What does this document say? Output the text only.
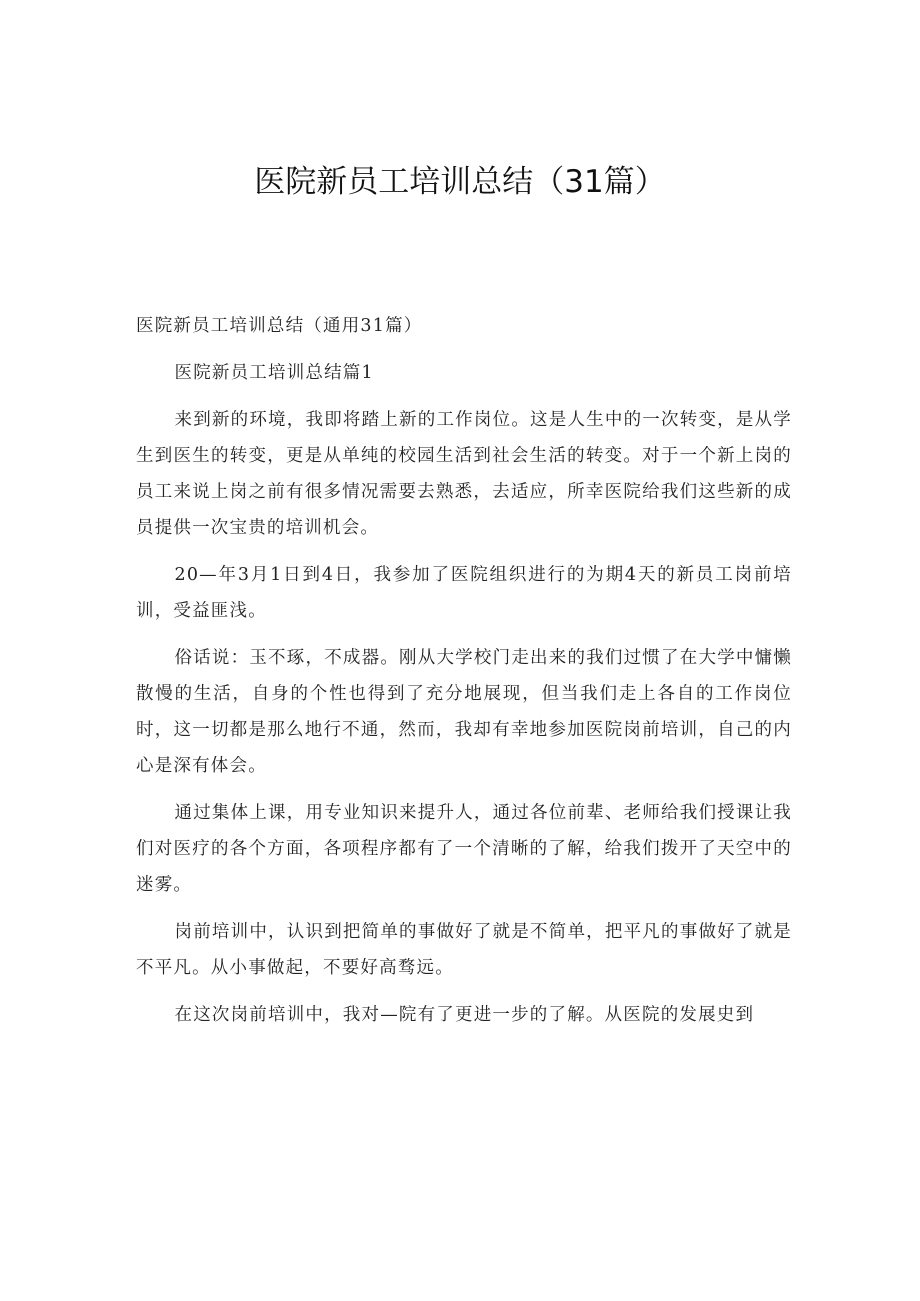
医院新员工培训总结（31篇）

医院新员工培训总结（通用31篇）

医院新员工培训总结篇1

来到新的环境，我即将踏上新的工作岗位。这是人生中的一次转变，是从学生到医生的转变，更是从单纯的校园生活到社会生活的转变。对于一个新上岗的员工来说上岗之前有很多情况需要去熟悉，去适应，所幸医院给我们这些新的成员提供一次宝贵的培训机会。

20—年3月1日到4日，我参加了医院组织进行的为期4天的新员工岗前培训，受益匪浅。

俗话说：玉不琢，不成器。刚从大学校门走出来的我们过惯了在大学中慵懒散慢的生活，自身的个性也得到了充分地展现，但当我们走上各自的工作岗位时，这一切都是那么地行不通，然而，我却有幸地参加医院岗前培训，自己的内心是深有体会。

通过集体上课，用专业知识来提升人，通过各位前辈、老师给我们授课让我们对医疗的各个方面，各项程序都有了一个清晰的了解，给我们拨开了天空中的迷雾。

岗前培训中，认识到把简单的事做好了就是不简单，把平凡的事做好了就是不平凡。从小事做起，不要好高骛远。

在这次岗前培训中，我对—院有了更进一步的了解。从医院的发展史到
